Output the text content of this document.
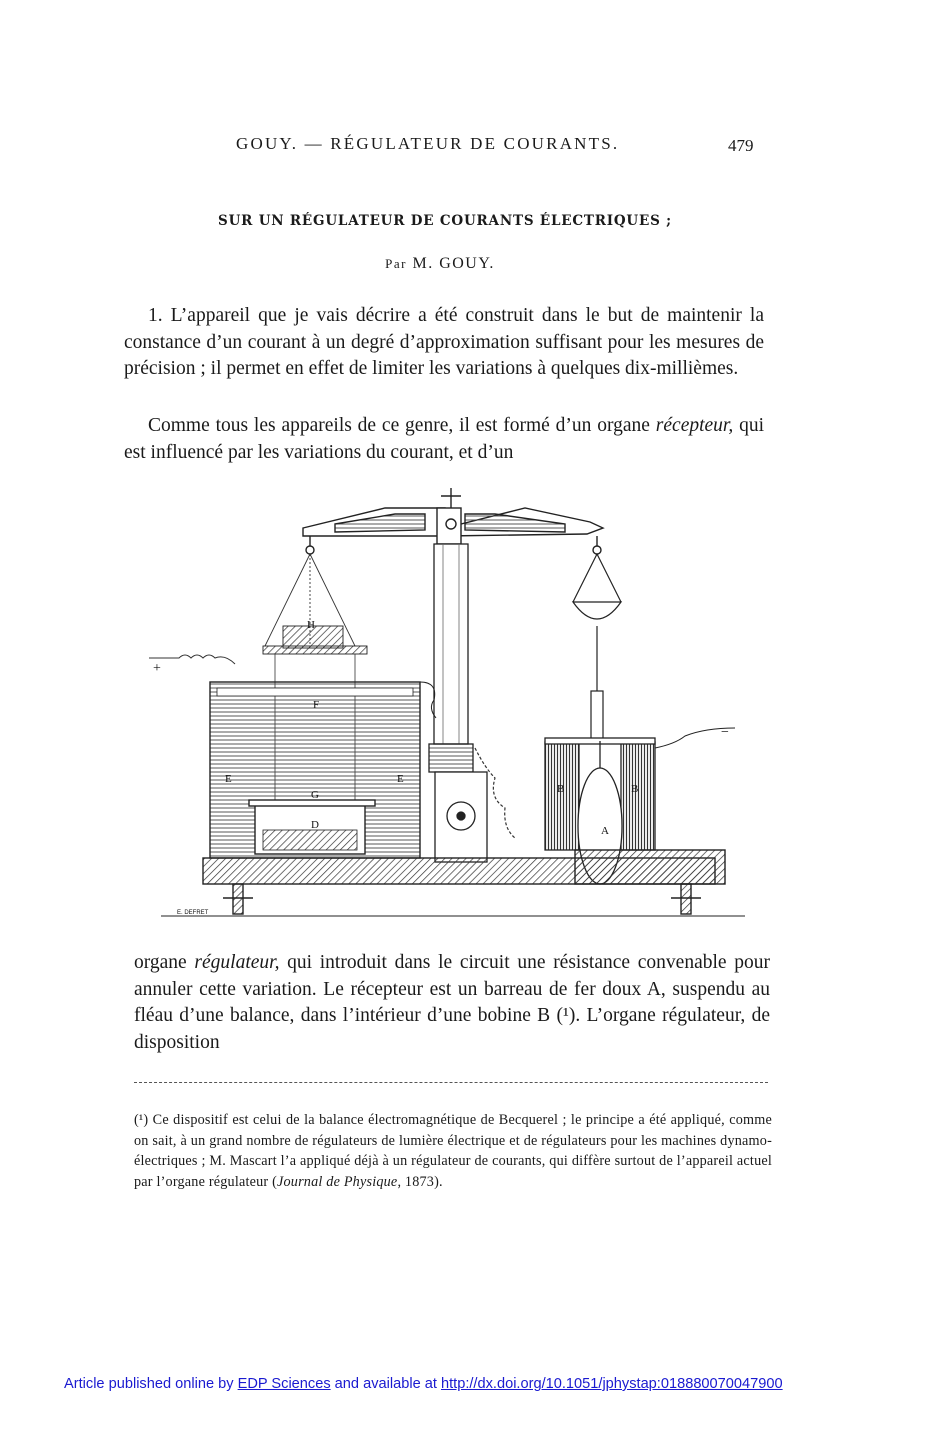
GOUY. — RÉGULATEUR DE COURANTS.	479
SUR UN RÉGULATEUR DE COURANTS ÉLECTRIQUES ;
Par M. GOUY.
1. L’appareil que je vais décrire a été construit dans le but de maintenir la constance d’un courant à un degré d’approximation suffisant pour les mesures de précision ; il permet en effet de limiter les variations à quelques dix-millièmes.
Comme tous les appareils de ce genre, il est formé d’un organe récepteur, qui est influencé par les variations du courant, et d’un
H
F
E	E
G
D	A
B	B
+
−
E. DEFRET
organe régulateur, qui introduit dans le circuit une résistance convenable pour annuler cette variation. Le récepteur est un barreau de fer doux A, suspendu au fléau d’une balance, dans l’intérieur d’une bobine B (¹). L’organe régulateur, de disposition
(¹) Ce dispositif est celui de la balance électromagnétique de Becquerel ; le principe a été appliqué, comme on sait, à un grand nombre de régulateurs de lumière électrique et de régulateurs pour les machines dynamo-électriques ; M. Mascart l’a appliqué déjà à un régulateur de courants, qui diffère surtout de l’appareil actuel par l’organe régulateur (Journal de Physique, 1873).
Article published online by EDP Sciences and available at http://dx.doi.org/10.1051/jphystap:018880070047900
